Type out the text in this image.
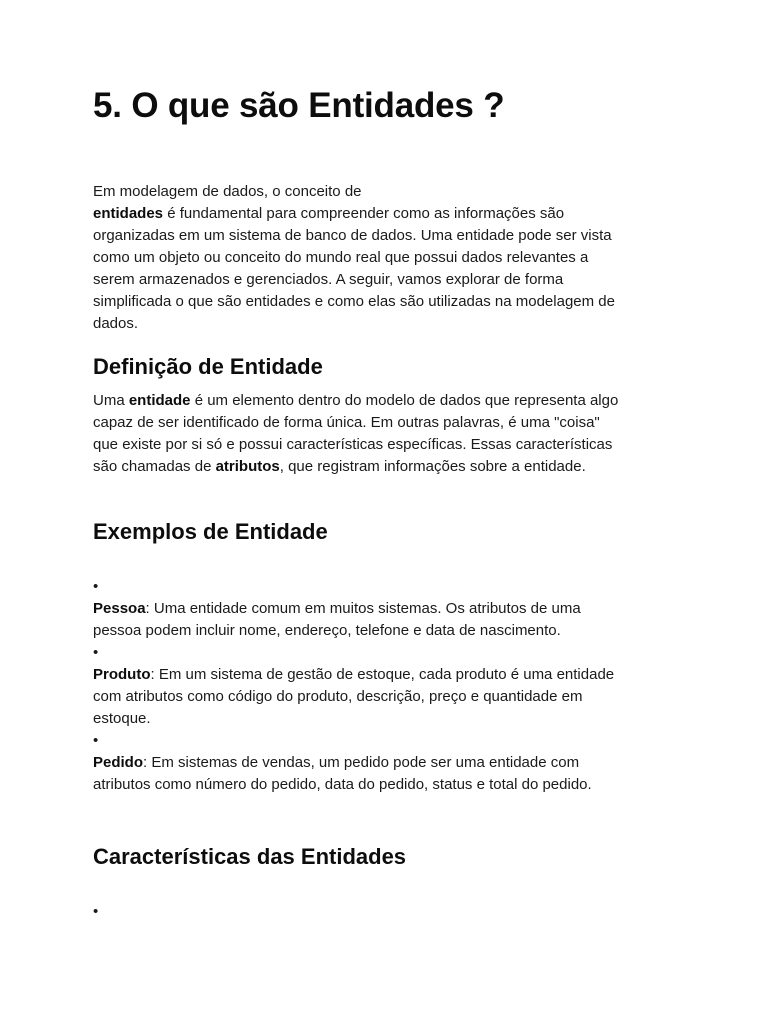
5. O que são Entidades ?
Em modelagem de dados, o conceito de
entidades é fundamental para compreender como as informações são
organizadas em um sistema de banco de dados. Uma entidade pode ser vista
como um objeto ou conceito do mundo real que possui dados relevantes a
serem armazenados e gerenciados. A seguir, vamos explorar de forma
simplificada o que são entidades e como elas são utilizadas na modelagem de
dados.
Definição de Entidade
Uma entidade é um elemento dentro do modelo de dados que representa algo
capaz de ser identificado de forma única. Em outras palavras, é uma "coisa"
que existe por si só e possui características específicas. Essas características
são chamadas de atributos, que registram informações sobre a entidade.
Exemplos de Entidade
•
Pessoa: Uma entidade comum em muitos sistemas. Os atributos de uma
pessoa podem incluir nome, endereço, telefone e data de nascimento.
•
Produto: Em um sistema de gestão de estoque, cada produto é uma entidade
com atributos como código do produto, descrição, preço e quantidade em
estoque.
•
Pedido: Em sistemas de vendas, um pedido pode ser uma entidade com
atributos como número do pedido, data do pedido, status e total do pedido.
Características das Entidades
•
